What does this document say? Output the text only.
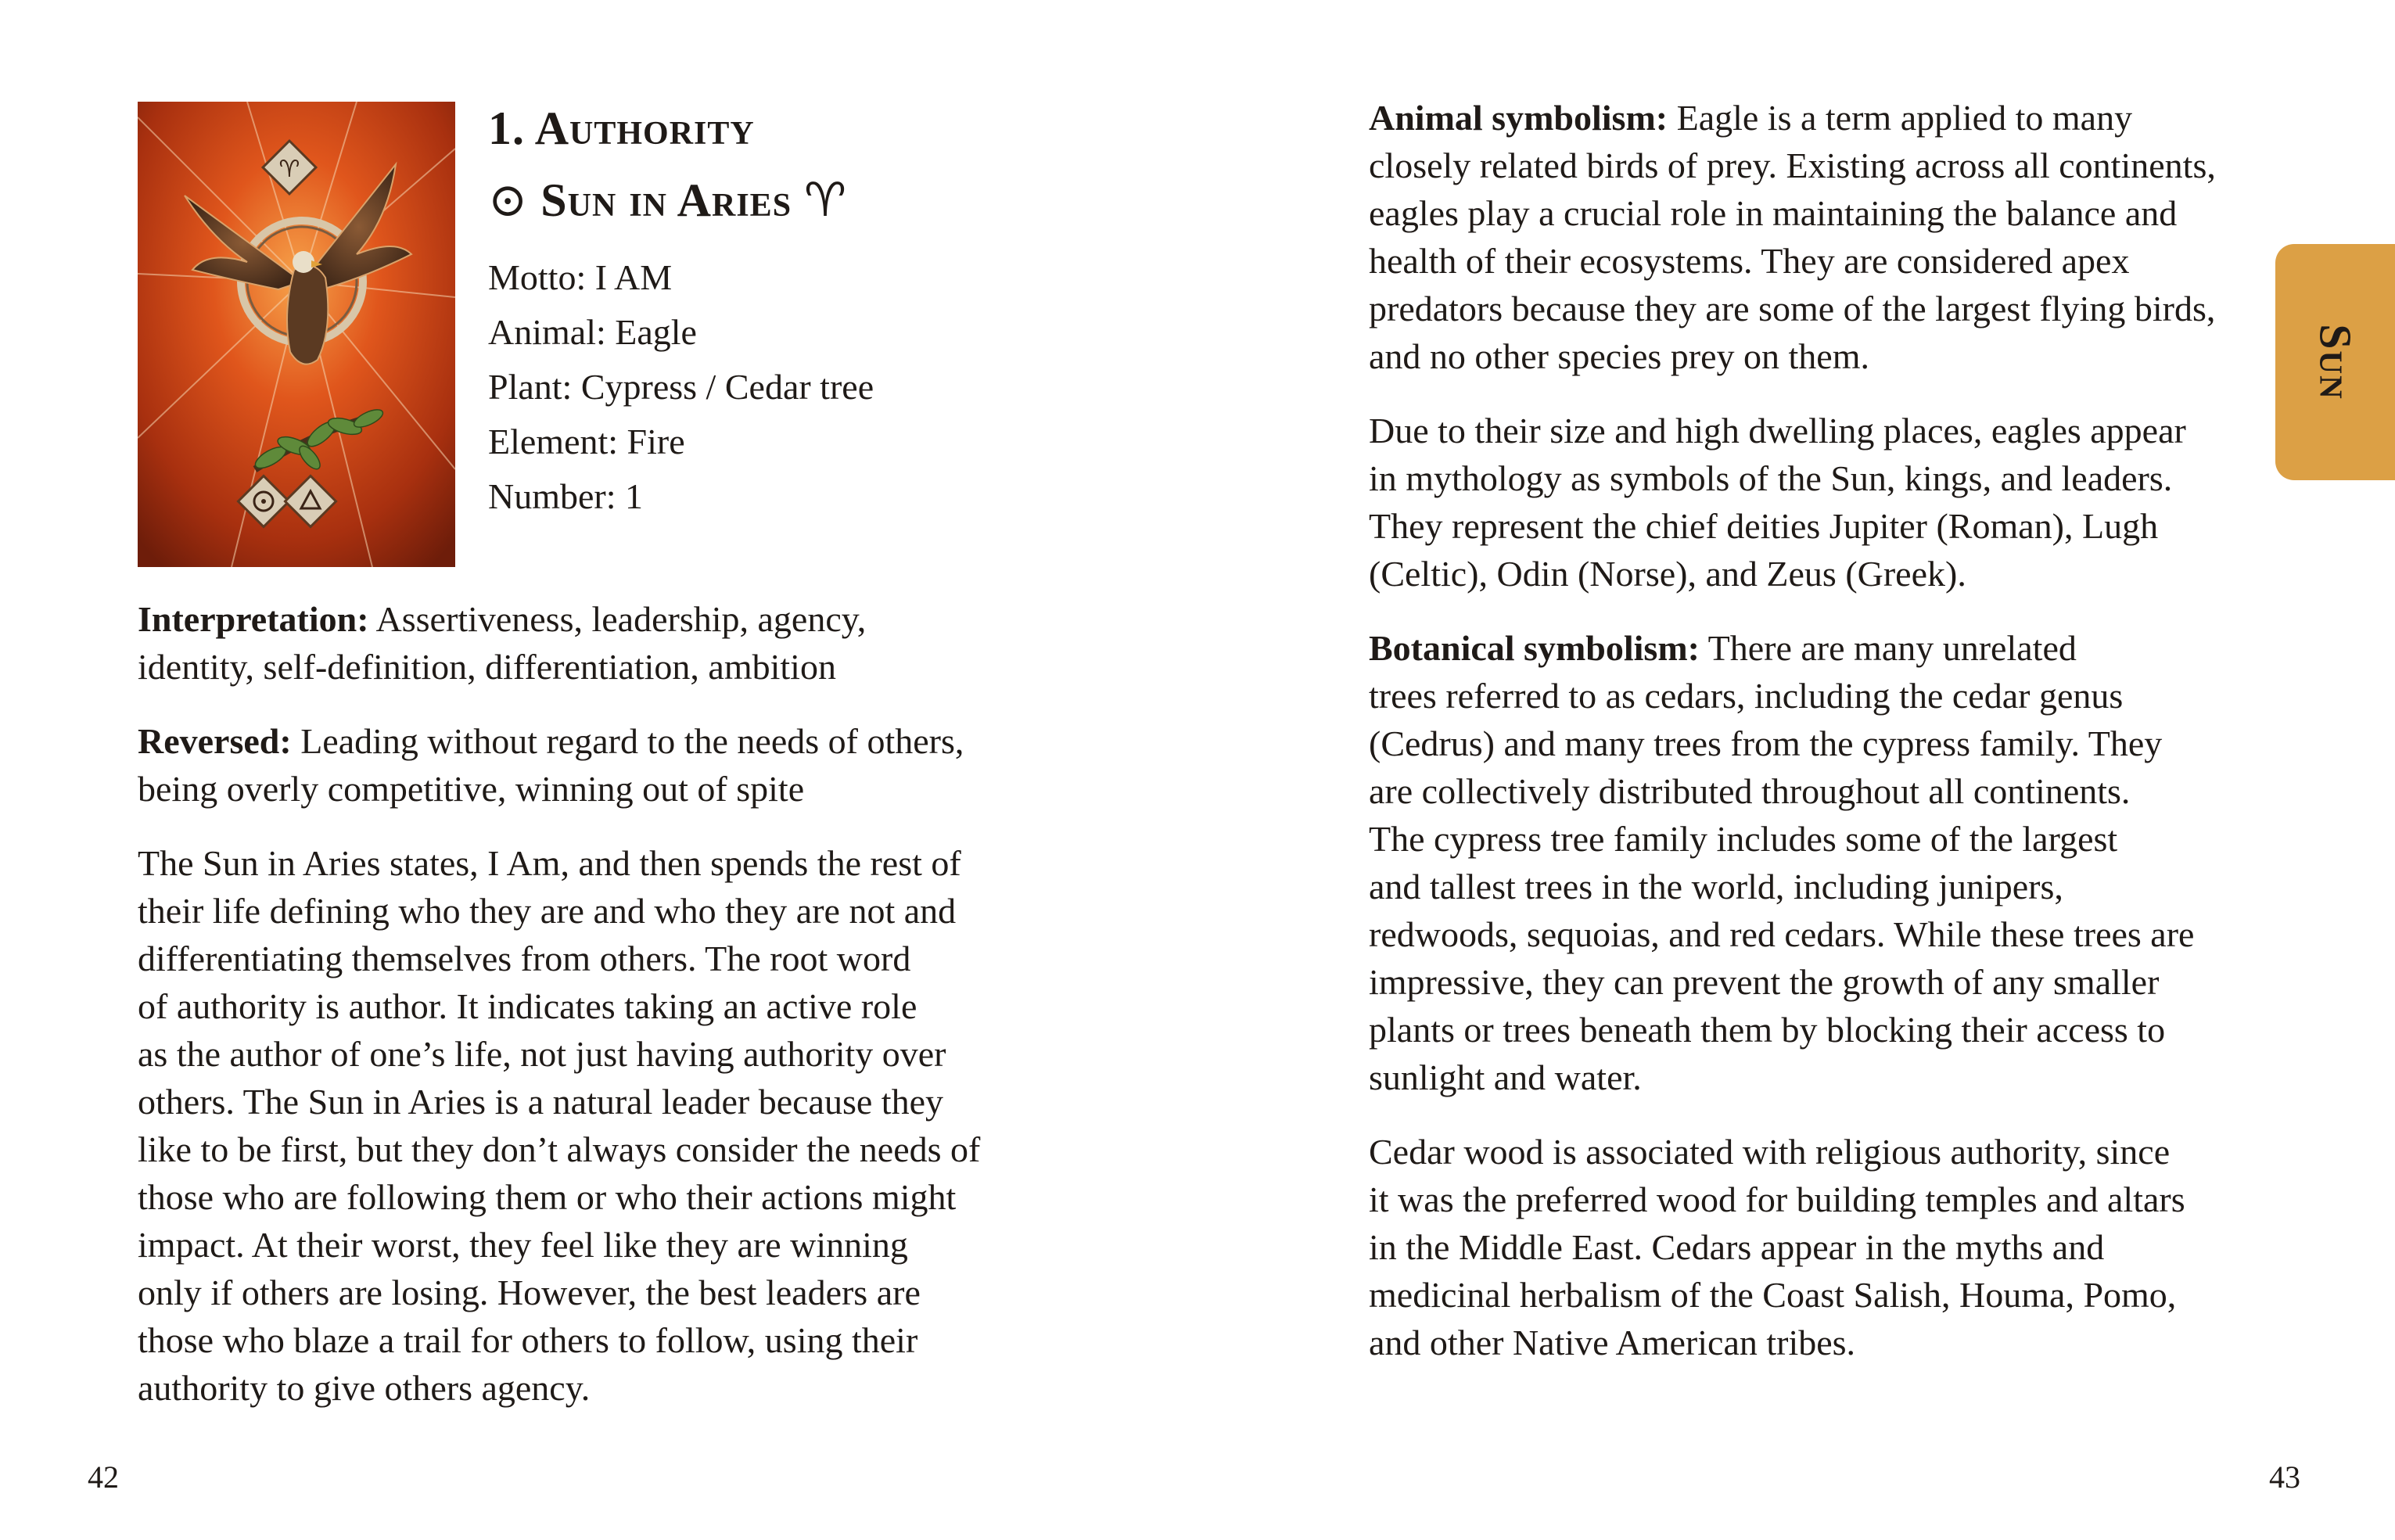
♈
1. Authority
⊙ Sun in Aries ♈︎
Motto: I AM
Animal: Eagle
Plant: Cypress / Cedar tree
Element: Fire
Number: 1

Interpretation: Assertiveness, leadership, agency,
identity, self-definition, differentiation, ambition

Reversed: Leading without regard to the needs of others,
being overly competitive, winning out of spite

The Sun in Aries states, I Am, and then spends the rest of
their life defining who they are and who they are not and
differentiating themselves from others. The root word
of authority is author. It indicates taking an active role
as the author of one’s life, not just having authority over
others. The Sun in Aries is a natural leader because they
like to be first, but they don’t always consider the needs of
those who are following them or who their actions might
impact. At their worst, they feel like they are winning
only if others are losing. However, the best leaders are
those who blaze a trail for others to follow, using their
authority to give others agency.

42

Animal symbolism: Eagle is a term applied to many
closely related birds of prey. Existing across all continents,
eagles play a crucial role in maintaining the balance and
health of their ecosystems. They are considered apex
predators because they are some of the largest flying birds,
and no other species prey on them.

Due to their size and high dwelling places, eagles appear
in mythology as symbols of the Sun, kings, and leaders.
They represent the chief deities Jupiter (Roman), Lugh
(Celtic), Odin (Norse), and Zeus (Greek).

Botanical symbolism: There are many unrelated
trees referred to as cedars, including the cedar genus
(Cedrus) and many trees from the cypress family. They
are collectively distributed throughout all continents.
The cypress tree family includes some of the largest
and tallest trees in the world, including junipers,
redwoods, sequoias, and red cedars. While these trees are
impressive, they can prevent the growth of any smaller
plants or trees beneath them by blocking their access to
sunlight and water.

Cedar wood is associated with religious authority, since
it was the preferred wood for building temples and altars
in the Middle East. Cedars appear in the myths and
medicinal herbalism of the Coast Salish, Houma, Pomo,
and other Native American tribes.

Sun
43
